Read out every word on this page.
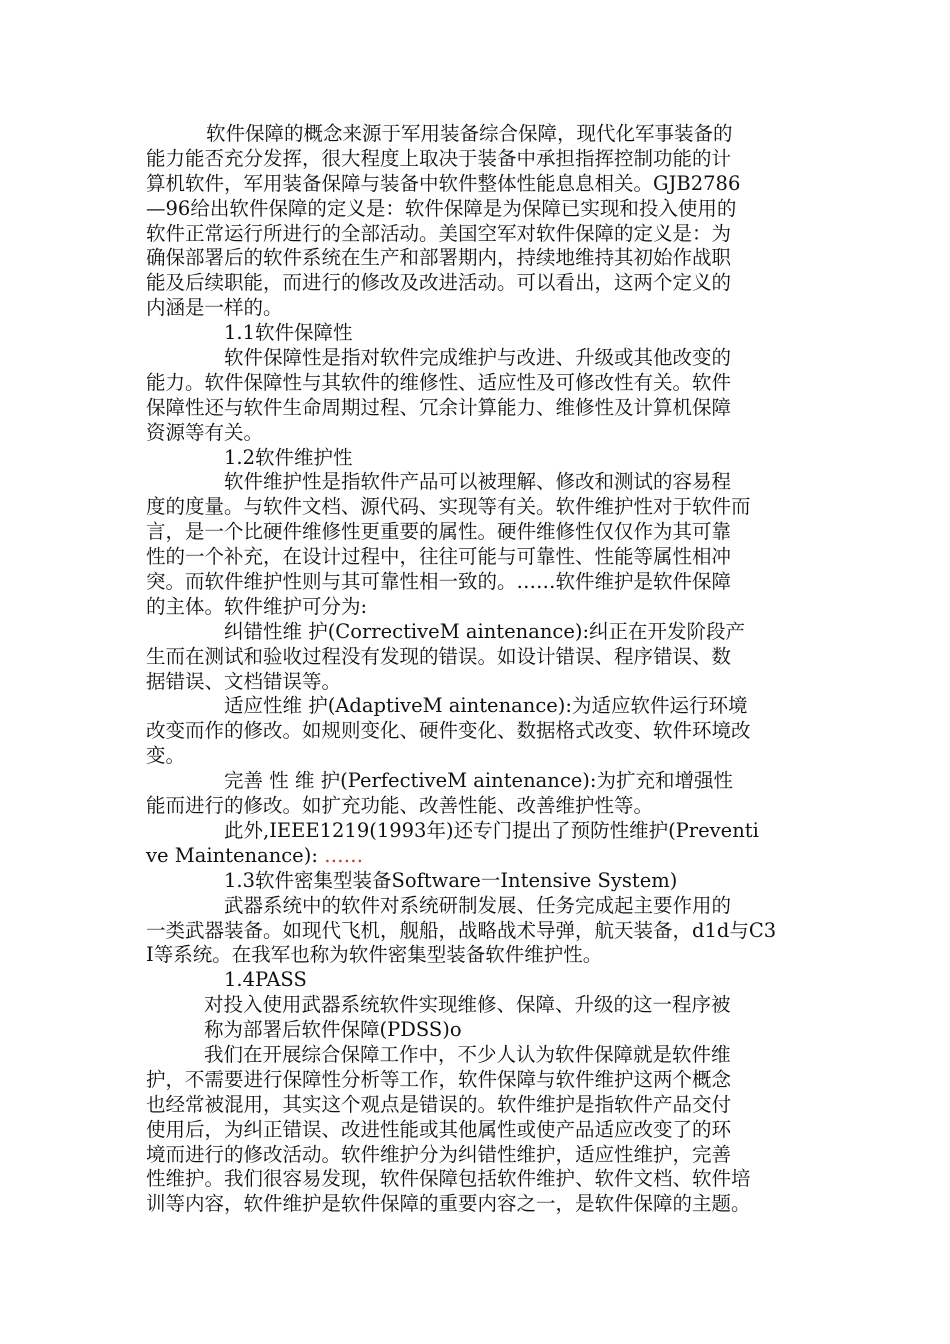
软件保障的概念来源于军用装备综合保障，现代化军事装备的
能力能否充分发挥，很大程度上取决于装备中承担指挥控制功能的计
算机软件，军用装备保障与装备中软件整体性能息息相关。GJB2786
—96给出软件保障的定义是：软件保障是为保障已实现和投入使用的
软件正常运行所进行的全部活动。美国空军对软件保障的定义是：为
确保部署后的软件系统在生产和部署期内，持续地维持其初始作战职
能及后续职能，而进行的修改及改进活动。可以看出，这两个定义的
内涵是一样的。
1.1软件保障性
软件保障性是指对软件完成维护与改进、升级或其他改变的
能力。软件保障性与其软件的维修性、适应性及可修改性有关。软件
保障性还与软件生命周期过程、冗余计算能力、维修性及计算机保障
资源等有关。
1.2软件维护性
软件维护性是指软件产品可以被理解、修改和测试的容易程
度的度量。与软件文档、源代码、实现等有关。软件维护性对于软件而
言，是一个比硬件维修性更重要的属性。硬件维修性仅仅作为其可靠
性的一个补充，在设计过程中，往往可能与可靠性、性能等属性相冲
突。而软件维护性则与其可靠性相一致的。……软件维护是软件保障
的主体。软件维护可分为:
纠错性维 护(CorrectiveM aintenance):纠正在开发阶段产
生而在测试和验收过程没有发现的错误。如设计错误、程序错误、数
据错误、文档错误等。
适应性维 护(AdaptiveM aintenance):为适应软件运行环境
改变而作的修改。如规则变化、硬件变化、数据格式改变、软件环境改
变。
完善 性 维 护(PerfectiveM aintenance):为扩充和增强性
能而进行的修改。如扩充功能、改善性能、改善维护性等。
此外,IEEE1219(1993年)还专门提出了预防性维护(Preventi
ve Maintenance): ……
1.3软件密集型装备Software一Intensive System)
武器系统中的软件对系统研制发展、任务完成起主要作用的
一类武器装备。如现代飞机，舰船，战略战术导弹，航天装备，d1d与C3
I等系统。在我军也称为软件密集型装备软件维护性。
1.4PASS
对投入使用武器系统软件实现维修、保障、升级的这一程序被
称为部署后软件保障(PDSS)o
我们在开展综合保障工作中，不少人认为软件保障就是软件维
护，不需要进行保障性分析等工作，软件保障与软件维护这两个概念
也经常被混用，其实这个观点是错误的。软件维护是指软件产品交付
使用后，为纠正错误、改进性能或其他属性或使产品适应改变了的环
境而进行的修改活动。软件维护分为纠错性维护，适应性维护，完善
性维护。我们很容易发现，软件保障包括软件维护、软件文档、软件培
训等内容，软件维护是软件保障的重要内容之一，是软件保障的主题。
